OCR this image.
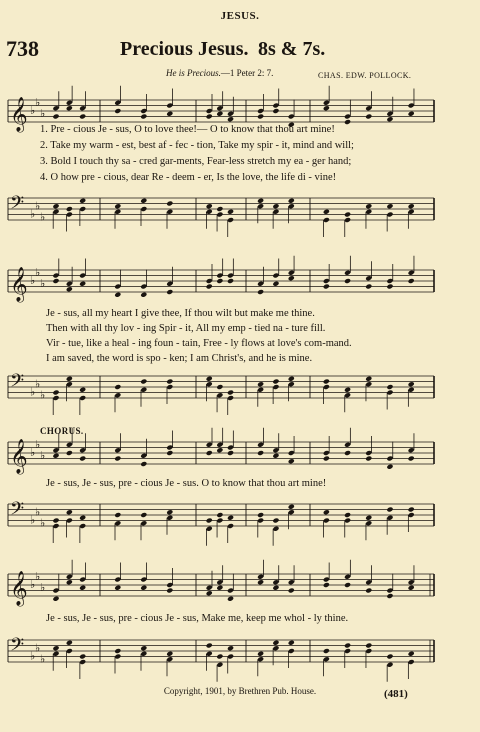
JESUS.
738	Precious Jesus. 8s & 7s.
He is Precious.—1 Peter 2: 7.	CHAS. EDW. POLLOCK.
𝄞 ♭
♭
♭
𝄢 ♭
♭
♭
1. Pre - cious Je - sus, O to love thee!— O to know that thou art mine!
2. Take my warm - est, best af - fec - tion, Take my spir - it, mind and will;
3. Bold I touch thy sa - cred gar-ments, Fear-less stretch my ea - ger hand;
4. O how pre - cious, dear Re - deem - er, Is the love, the life di - vine!
𝄞 ♭
♭
♭
𝄢 ♭
♭
♭
Je - sus, all my heart I give thee, If thou wilt but make me thine.
Then with all thy lov - ing Spir - it, All my emp - tied na - ture fill.
Vir - tue, like a heal - ing foun - tain, Free - ly flows at love's com-mand.
I am saved, the word is spo - ken; I am Christ's, and he is mine.
CHORUS.
𝄞 ♭
♭
♭
Je - sus, Je - sus, pre - cious Je - sus. O to know that thou art mine!
𝄢 ♭
♭
♭
𝄞 ♭
♭
♭
Je - sus, Je - sus, pre - cious Je - sus, Make me, keep me whol - ly thine.
𝄢 ♭
♭
♭
Copyright, 1901, by Brethren Pub. House.	(481)
